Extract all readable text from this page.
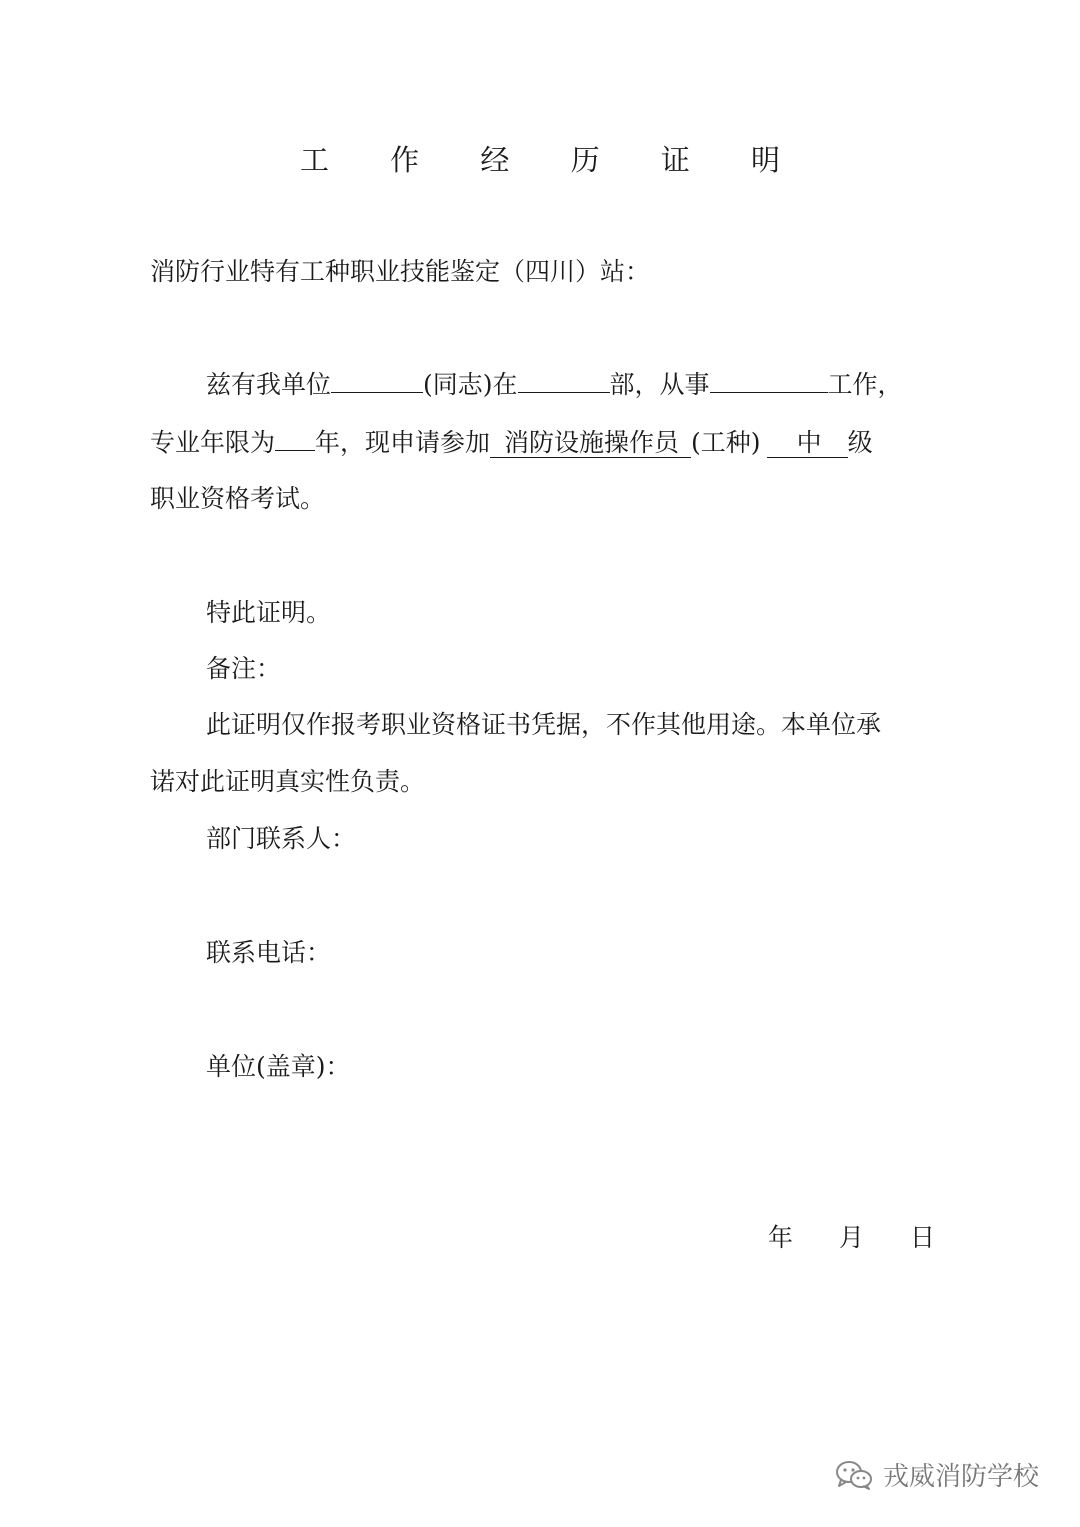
工 作 经 历 证 明
消防行业特有工种职业技能鉴定（四川）站：
兹有我单位	(同志)在	部，从事	工作，
专业年限为 年，现申请参加 消防设施操作员 (工种) 中 级
职业资格考试。
特此证明。
备注：
此证明仅作报考职业资格证书凭据，不作其他用途。本单位承
诺对此证明真实性负责。
部门联系人：
联系电话：
单位(盖章)：
年 月 日
戎威消防学校
